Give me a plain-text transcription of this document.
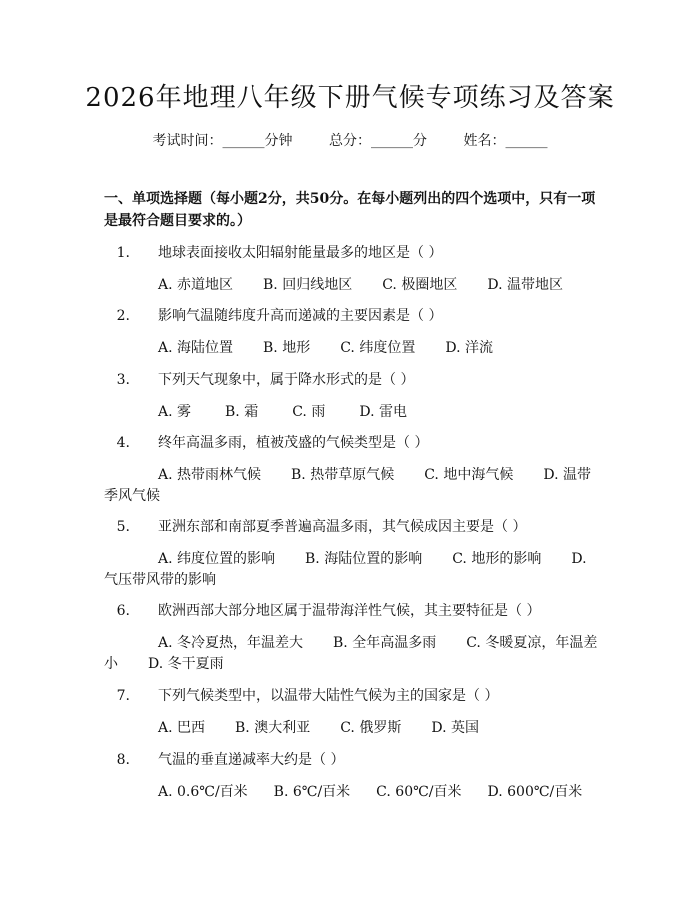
2026年地理八年级下册气候专项练习及答案
考试时间：______分钟	总分：______分	姓名：______
一、单项选择题（每小题2分，共50分。在每小题列出的四个选项中，只有一项是最符合题目要求的。）
1. 地球表面接收太阳辐射能量最多的地区是（ ）
A. 赤道地区 B. 回归线地区 C. 极圈地区 D. 温带地区
2. 影响气温随纬度升高而递减的主要因素是（ ）
A. 海陆位置 B. 地形 C. 纬度位置 D. 洋流
3. 下列天气现象中，属于降水形式的是（ ）
A. 雾 B. 霜 C. 雨 D. 雷电
4. 终年高温多雨，植被茂盛的气候类型是（ ）
A. 热带雨林气候 B. 热带草原气候 C. 地中海气候 D. 温带季风气候
5. 亚洲东部和南部夏季普遍高温多雨，其气候成因主要是（ ）
A. 纬度位置的影响 B. 海陆位置的影响 C. 地形的影响 D. 气压带风带的影响
6. 欧洲西部大部分地区属于温带海洋性气候，其主要特征是（ ）
A. 冬冷夏热，年温差大 B. 全年高温多雨 C. 冬暖夏凉，年温差小 D. 冬干夏雨
7. 下列气候类型中，以温带大陆性气候为主的国家是（ ）
A. 巴西 B. 澳大利亚 C. 俄罗斯 D. 英国
8. 气温的垂直递减率大约是（ ）
A. 0.6℃/百米 B. 6℃/百米 C. 60℃/百米 D. 600℃/百米
